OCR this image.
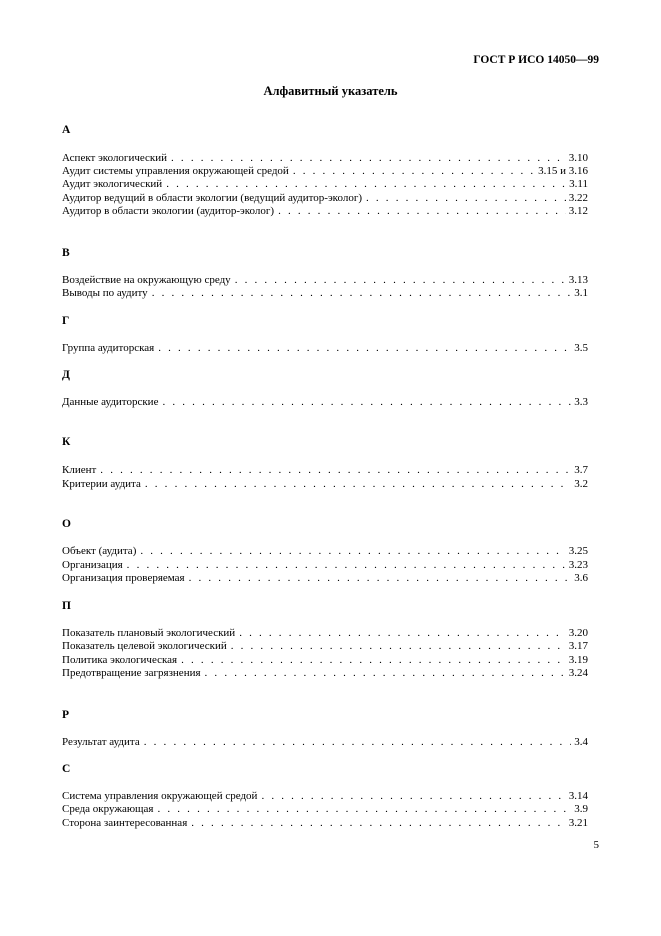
ГОСТ Р ИСО 14050—99
Алфавитный указатель
А
Аспект экологический . . .	3.10
Аудит системы управления окружающей средой . . .	3.15 и 3.16
Аудит экологический . . .	3.11
Аудитор ведущий в области экологии (ведущий аудитор-эколог) . . .	3.22
Аудитор в области экологии (аудитор-эколог) . . .	3.12
В
Воздействие на окружающую среду . . .	3.13
Выводы по аудиту . . .	3.1
Г
Группа аудиторская . . .	3.5
Д
Данные аудиторские . . .	3.3
К
Клиент . . .	3.7
Критерии аудита . . .	3.2
О
Объект (аудита) . . .	3.25
Организация . . .	3.23
Организация проверяемая . . .	3.6
П
Показатель плановый экологический . . .	3.20
Показатель целевой экологический . . .	3.17
Политика экологическая . . .	3.19
Предотвращение загрязнения . . .	3.24
Р
Результат аудита . . .	3.4
С
Система управления окружающей средой . . .	3.14
Среда окружающая . . .	3.9
Сторона заинтересованная . . .	3.21
5
